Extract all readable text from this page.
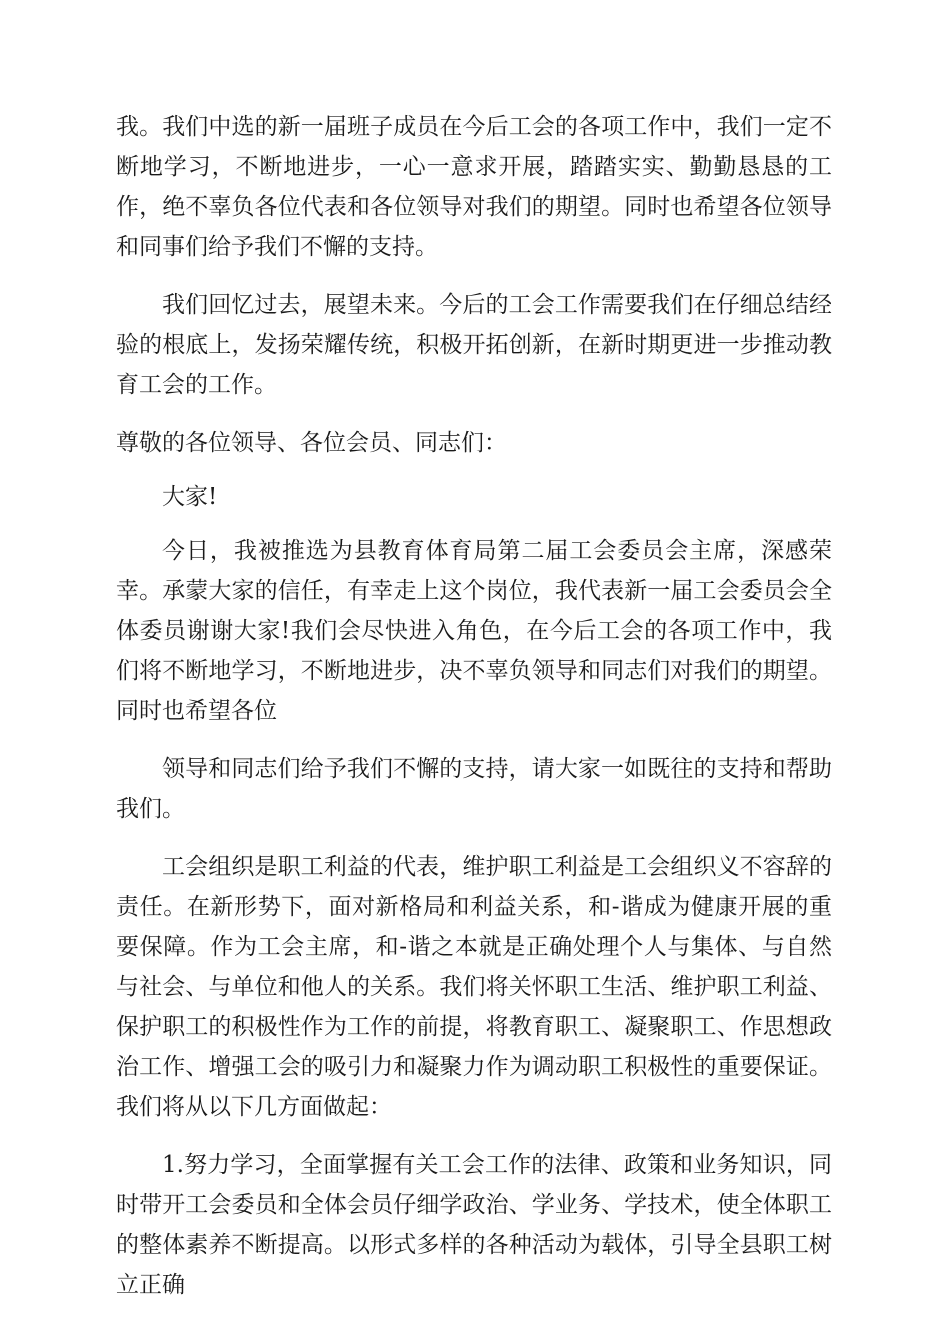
我。我们中选的新一届班子成员在今后工会的各项工作中，我们一定不断地学习，不断地进步，一心一意求开展，踏踏实实、勤勤恳恳的工作，绝不辜负各位代表和各位领导对我们的期望。同时也希望各位领导和同事们给予我们不懈的支持。

我们回忆过去，展望未来。今后的工会工作需要我们在仔细总结经验的根底上，发扬荣耀传统，积极开拓创新，在新时期更进一步推动教育工会的工作。

尊敬的各位领导、各位会员、同志们：

大家!

今日，我被推选为县教育体育局第二届工会委员会主席，深感荣幸。承蒙大家的信任，有幸走上这个岗位，我代表新一届工会委员会全体委员谢谢大家!我们会尽快进入角色，在今后工会的各项工作中，我们将不断地学习，不断地进步，决不辜负领导和同志们对我们的期望。同时也希望各位

领导和同志们给予我们不懈的支持，请大家一如既往的支持和帮助我们。

工会组织是职工利益的代表，维护职工利益是工会组织义不容辞的责任。在新形势下，面对新格局和利益关系，和-谐成为健康开展的重要保障。作为工会主席，和-谐之本就是正确处理个人与集体、与自然与社会、与单位和他人的关系。我们将关怀职工生活、维护职工利益、保护职工的积极性作为工作的前提，将教育职工、凝聚职工、作思想政治工作、增强工会的吸引力和凝聚力作为调动职工积极性的重要保证。我们将从以下几方面做起：

1.努力学习，全面掌握有关工会工作的法律、政策和业务知识，同时带开工会委员和全体会员仔细学政治、学业务、学技术，使全体职工的整体素养不断提高。以形式多样的各种活动为载体，引导全县职工树立正确
